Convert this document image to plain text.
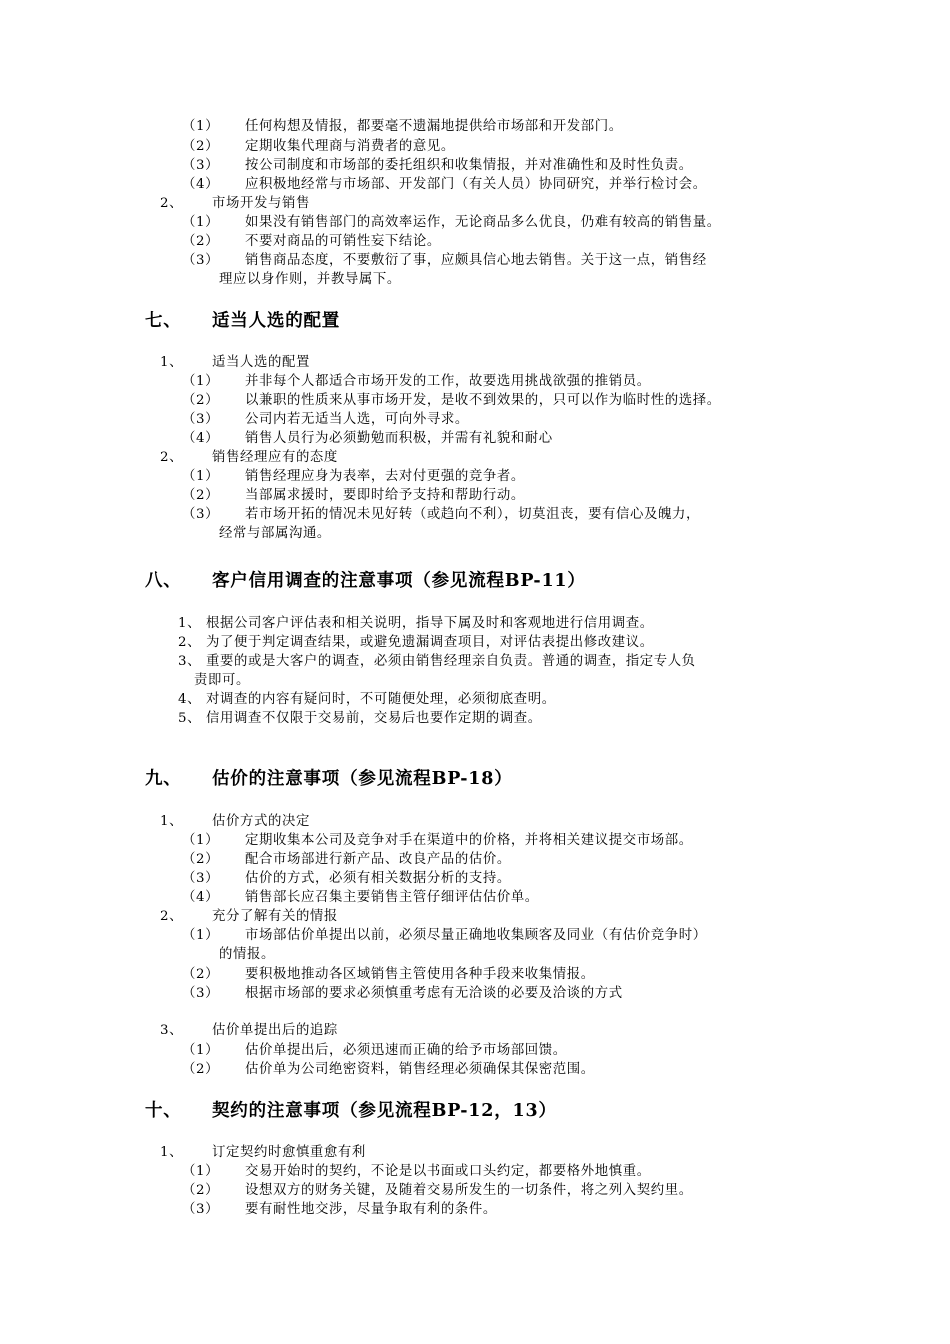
（1） 任何构想及情报，都要毫不遗漏地提供给市场部和开发部门。
（2） 定期收集代理商与消费者的意见。
（3） 按公司制度和市场部的委托组织和收集情报，并对准确性和及时性负责。
（4） 应积极地经常与市场部、开发部门（有关人员）协同研究，并举行检讨会。
2、 市场开发与销售
（1） 如果没有销售部门的高效率运作，无论商品多么优良，仍难有较高的销售量。
（2） 不要对商品的可销性妄下结论。
（3） 销售商品态度，不要敷衍了事，应颇具信心地去销售。关于这一点，销售经
理应以身作则，并教导属下。
七、 适当人选的配置
1、 适当人选的配置
（1） 并非每个人都适合市场开发的工作，故要选用挑战欲强的推销员。
（2） 以兼职的性质来从事市场开发，是收不到效果的，只可以作为临时性的选择。
（3） 公司内若无适当人选，可向外寻求。
（4） 销售人员行为必须勤勉而积极，并需有礼貌和耐心
2、 销售经理应有的态度
（1） 销售经理应身为表率，去对付更强的竞争者。
（2） 当部属求援时，要即时给予支持和帮助行动。
（3） 若市场开拓的情况未见好转（或趋向不利），切莫沮丧，要有信心及魄力，
经常与部属沟通。
八、 客户信用调查的注意事项（参见流程BP-11）
1、 根据公司客户评估表和相关说明，指导下属及时和客观地进行信用调查。
2、 为了便于判定调查结果，或避免遗漏调查项目，对评估表提出修改建议。
3、 重要的或是大客户的调查，必须由销售经理亲自负责。普通的调查，指定专人负
责即可。
4、 对调查的内容有疑问时，不可随便处理，必须彻底查明。
5、 信用调查不仅限于交易前，交易后也要作定期的调查。
九、 估价的注意事项（参见流程BP-18）
1、 估价方式的决定
（1） 定期收集本公司及竞争对手在渠道中的价格，并将相关建议提交市场部。
（2） 配合市场部进行新产品、改良产品的估价。
（3） 估价的方式，必须有相关数据分析的支持。
（4） 销售部长应召集主要销售主管仔细评估估价单。
2、 充分了解有关的情报
（1） 市场部估价单提出以前，必须尽量正确地收集顾客及同业（有估价竞争时）
的情报。
（2） 要积极地推动各区域销售主管使用各种手段来收集情报。
（3） 根据市场部的要求必须慎重考虑有无洽谈的必要及洽谈的方式
3、 估价单提出后的追踪
（1） 估价单提出后，必须迅速而正确的给予市场部回馈。
（2） 估价单为公司绝密资料，销售经理必须确保其保密范围。
十、 契约的注意事项（参见流程BP-12，13）
1、 订定契约时愈慎重愈有利
（1） 交易开始时的契约，不论是以书面或口头约定，都要格外地慎重。
（2） 设想双方的财务关键，及随着交易所发生的一切条件，将之列入契约里。
（3） 要有耐性地交涉，尽量争取有利的条件。
